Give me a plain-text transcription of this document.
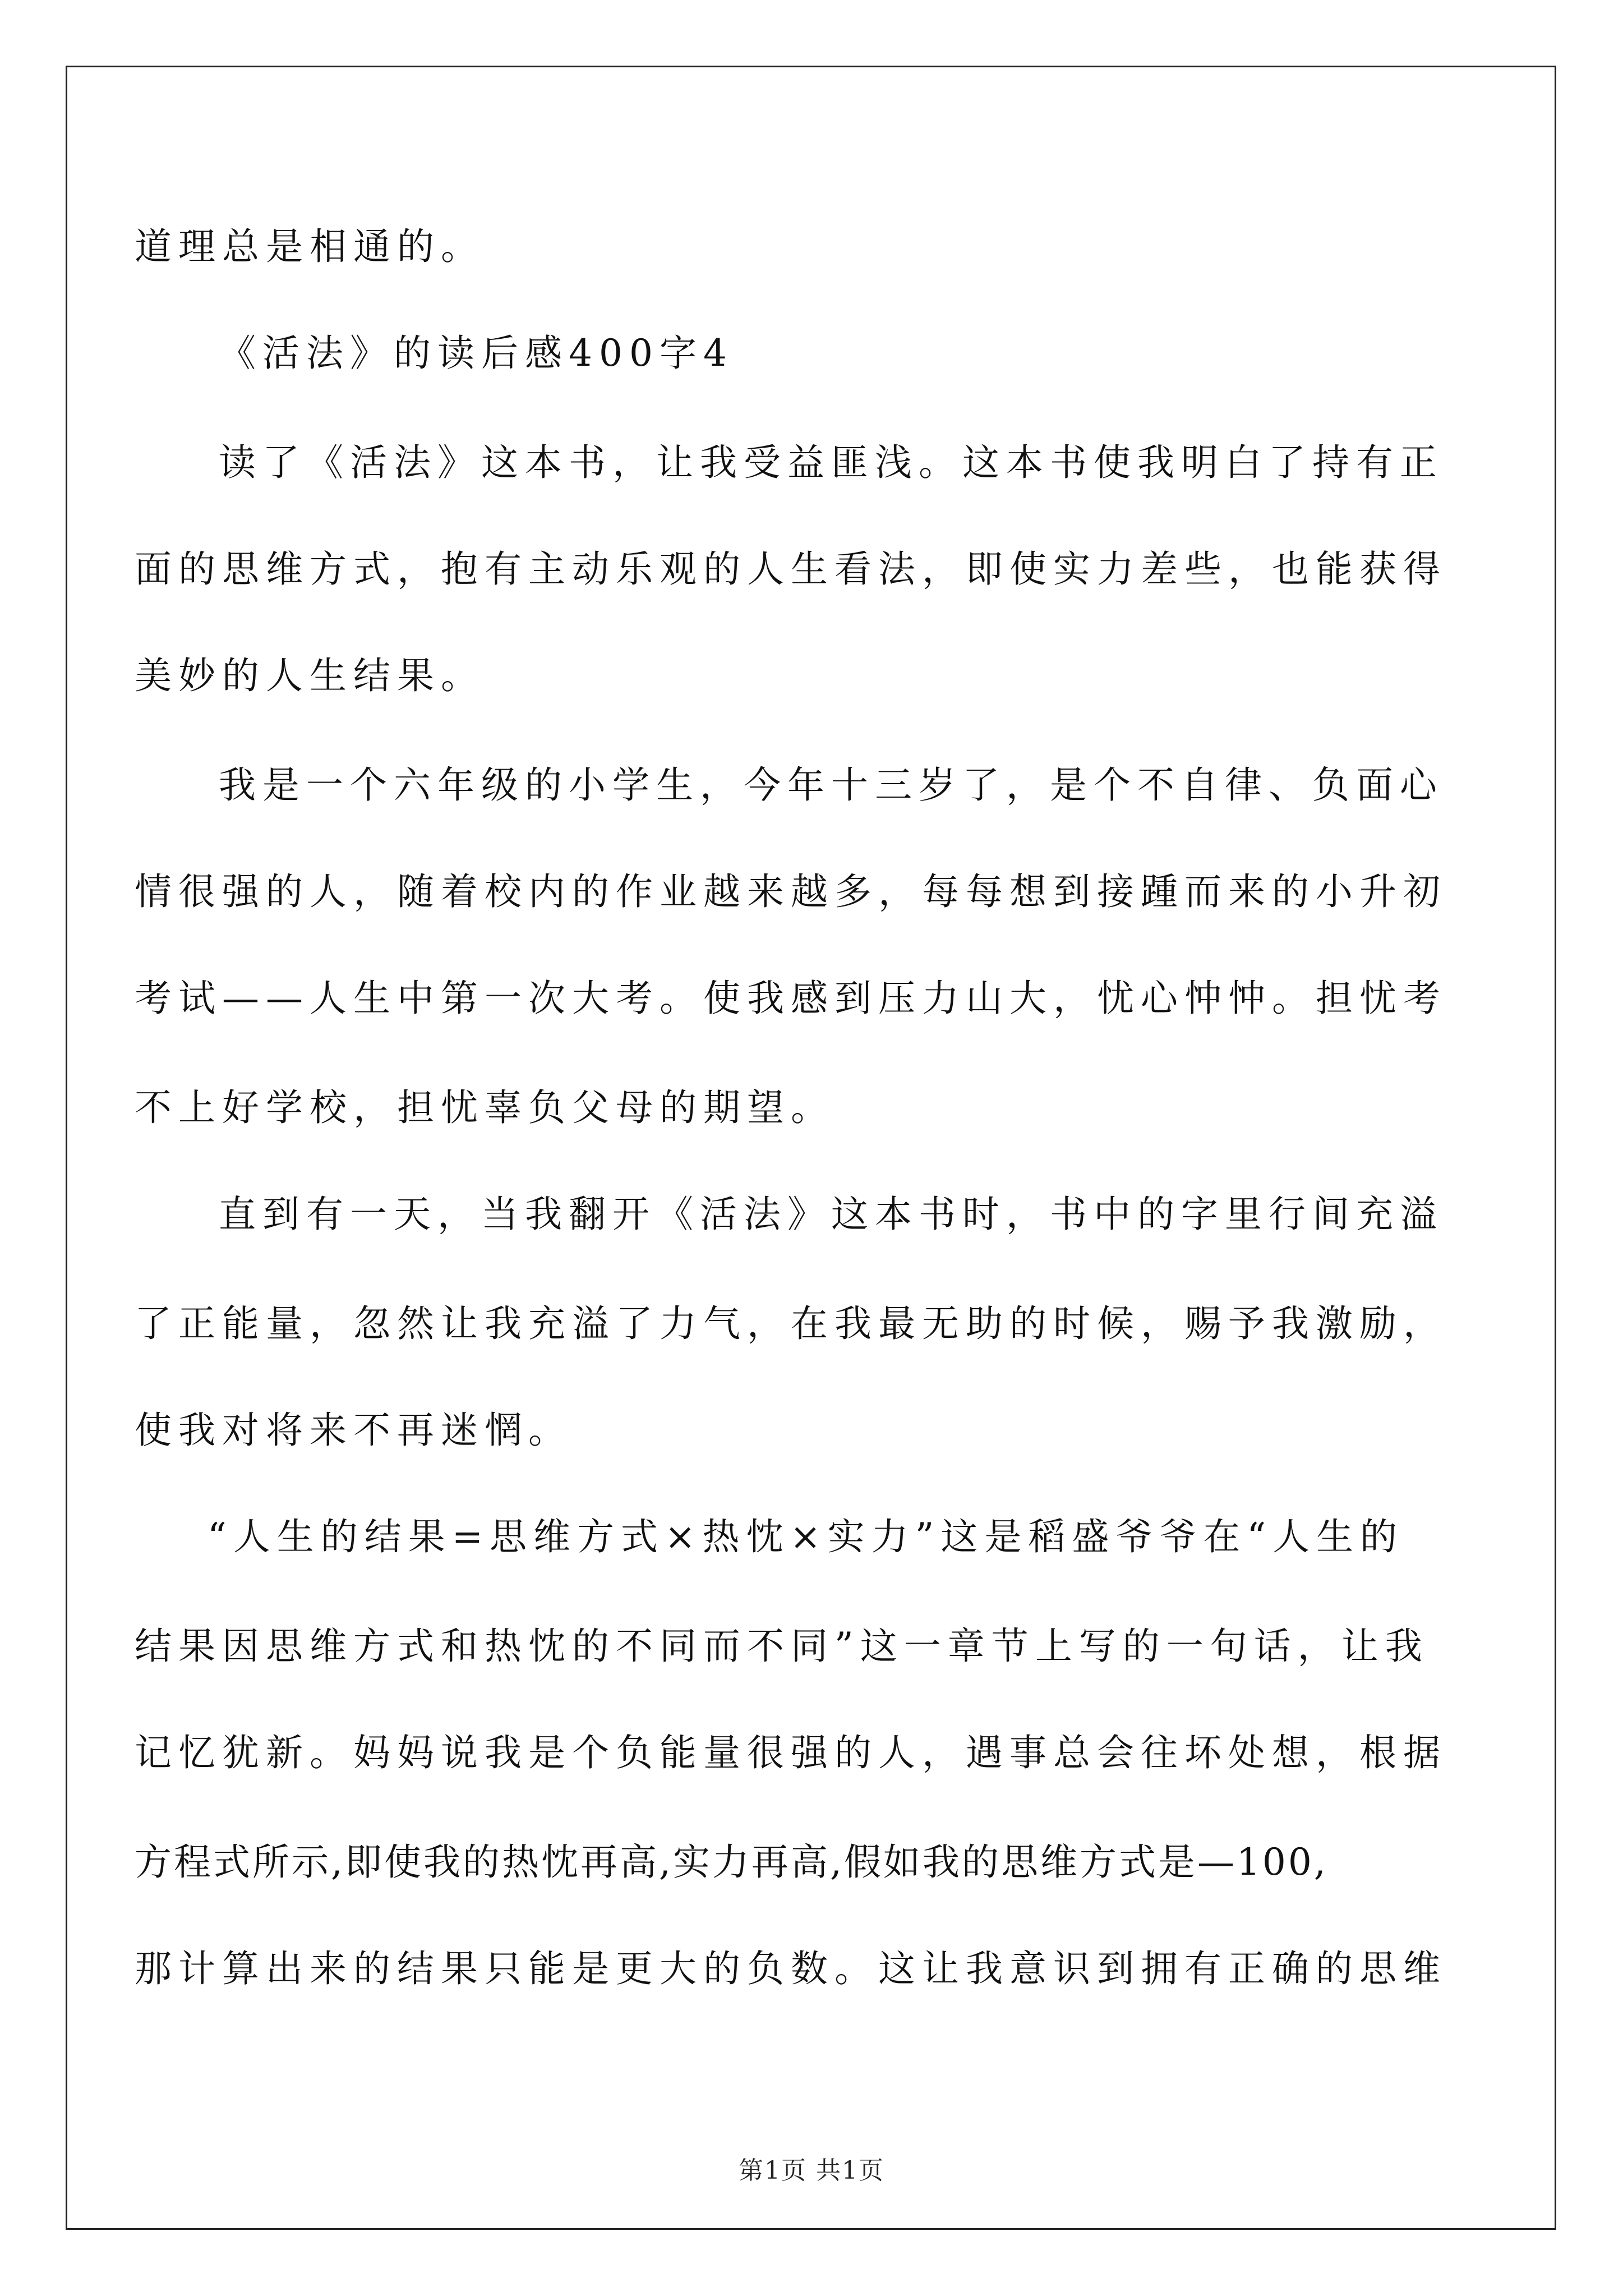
道理总是相通的。
《活法》的读后感400字4
读了《活法》这本书，让我受益匪浅。这本书使我明白了持有正
面的思维方式，抱有主动乐观的人生看法，即使实力差些，也能获得
美妙的人生结果。
我是一个六年级的小学生，今年十三岁了，是个不自律、负面心
情很强的人，随着校内的作业越来越多，每每想到接踵而来的小升初
考试——人生中第一次大考。使我感到压力山大，忧心忡忡。担忧考
不上好学校，担忧辜负父母的期望。
直到有一天，当我翻开《活法》这本书时，书中的字里行间充溢
了正能量，忽然让我充溢了力气，在我最无助的时候，赐予我激励，
使我对将来不再迷惘。
“人生的结果=思维方式×热忱×实力”这是稻盛爷爷在“人生的
结果因思维方式和热忱的不同而不同”这一章节上写的一句话，让我
记忆犹新。妈妈说我是个负能量很强的人，遇事总会往坏处想，根据
方程式所示,即使我的热忱再高,实力再高,假如我的思维方式是—100,
那计算出来的结果只能是更大的负数。这让我意识到拥有正确的思维
第1页 共1页
